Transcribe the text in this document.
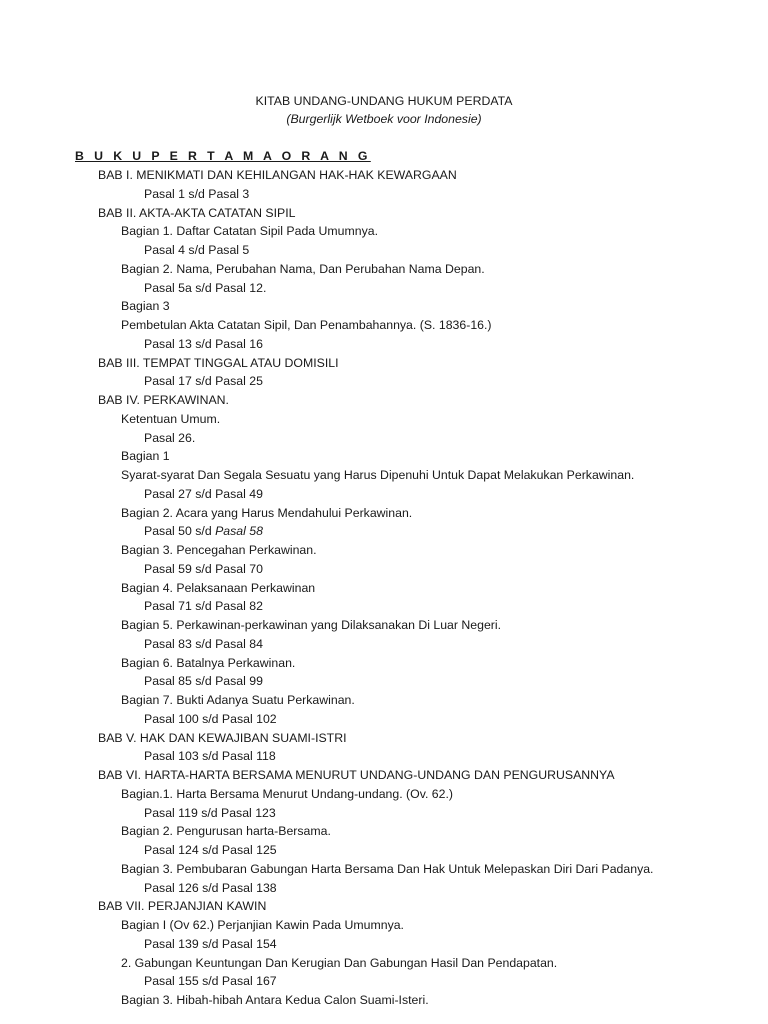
KITAB UNDANG-UNDANG HUKUM PERDATA
(Burgerlijk Wetboek voor Indonesie)
B U K U P E R T A M A O R A N G
BAB I. MENIKMATI DAN KEHILANGAN HAK-HAK KEWARGAAN
Pasal 1 s/d Pasal 3
BAB II. AKTA-AKTA CATATAN SIPIL
Bagian 1. Daftar Catatan Sipil Pada Umumnya.
Pasal 4 s/d Pasal 5
Bagian 2. Nama, Perubahan Nama, Dan Perubahan Nama Depan.
Pasal 5a s/d Pasal 12.
Bagian 3
Pembetulan Akta Catatan Sipil, Dan Penambahannya. (S. 1836-16.)
Pasal 13 s/d Pasal 16
BAB III. TEMPAT TINGGAL ATAU DOMISILI
Pasal 17 s/d Pasal 25
BAB IV. PERKAWINAN.
Ketentuan Umum.
Pasal 26.
Bagian 1
Syarat-syarat Dan Segala Sesuatu yang Harus Dipenuhi Untuk Dapat Melakukan Perkawinan.
Pasal 27 s/d Pasal 49
Bagian 2. Acara yang Harus Mendahului Perkawinan.
Pasal 50 s/d Pasal 58
Bagian 3. Pencegahan Perkawinan.
Pasal 59 s/d Pasal 70
Bagian 4. Pelaksanaan Perkawinan
Pasal 71 s/d Pasal 82
Bagian 5. Perkawinan-perkawinan yang Dilaksanakan Di Luar Negeri.
Pasal 83 s/d Pasal 84
Bagian 6. Batalnya Perkawinan.
Pasal 85 s/d Pasal 99
Bagian 7. Bukti Adanya Suatu Perkawinan.
Pasal 100 s/d Pasal 102
BAB V. HAK DAN KEWAJIBAN SUAMI-ISTRI
Pasal 103 s/d Pasal 118
BAB VI. HARTA-HARTA BERSAMA MENURUT UNDANG-UNDANG DAN PENGURUSANNYA
Bagian.1. Harta Bersama Menurut Undang-undang. (Ov. 62.)
Pasal 119 s/d Pasal 123
Bagian 2. Pengurusan harta-Bersama.
Pasal 124 s/d Pasal 125
Bagian 3. Pembubaran Gabungan Harta Bersama Dan Hak Untuk Melepaskan Diri Dari Padanya.
Pasal 126 s/d Pasal 138
BAB VII. PERJANJIAN KAWIN
Bagian I (Ov 62.) Perjanjian Kawin Pada Umumnya.
Pasal 139 s/d Pasal 154
2. Gabungan Keuntungan Dan Kerugian Dan Gabungan Hasil Dan Pendapatan.
Pasal 155 s/d Pasal 167
Bagian 3. Hibah-hibah Antara Kedua Calon Suami-Isteri.
